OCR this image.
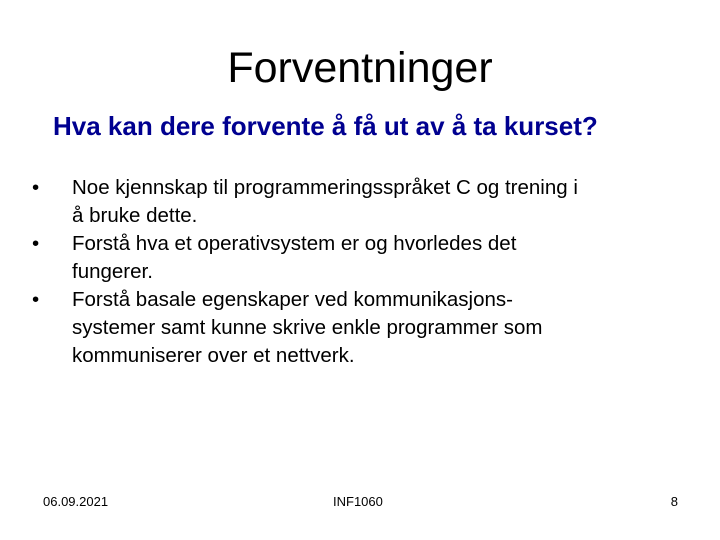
Forventninger

Hva kan dere forvente å få ut av å ta kurset?

•	Noe kjennskap til programmeringsspråket C og trening i
å bruke dette.
•	Forstå hva et operativsystem er og hvorledes det
fungerer.
•	Forstå basale egenskaper ved kommunikasjons-
systemer samt kunne skrive enkle programmer som
kommuniserer over et nettverk.
06.09.2021	INF1060	8
